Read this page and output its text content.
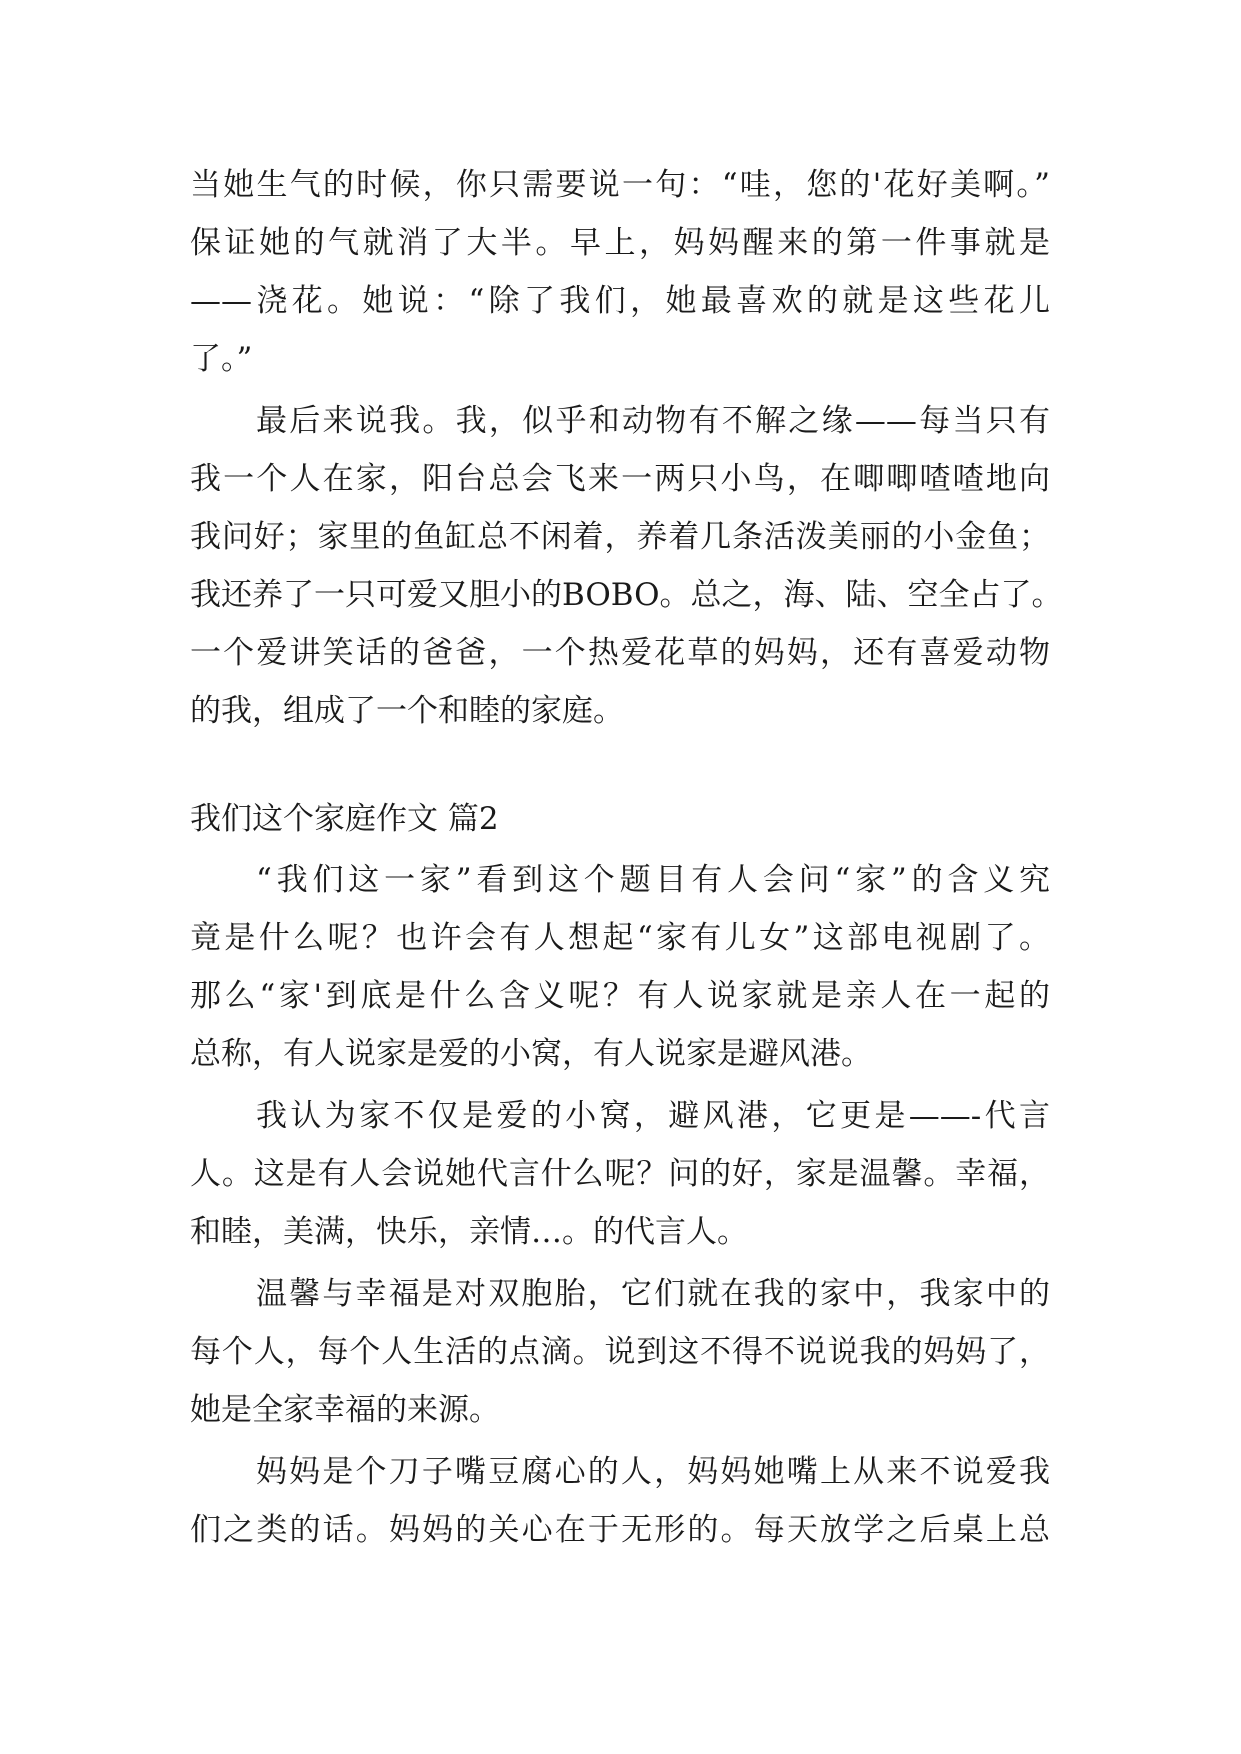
当她生气的时候，你只需要说一句：“哇，您的'花好美啊。”
保证她的气就消了大半。早上，妈妈醒来的第一件事就是
——浇花。她说：“除了我们，她最喜欢的就是这些花儿
了。”
最后来说我。我，似乎和动物有不解之缘——每当只有
我一个人在家，阳台总会飞来一两只小鸟，在唧唧喳喳地向
我问好；家里的鱼缸总不闲着，养着几条活泼美丽的小金鱼；
我还养了一只可爱又胆小的BOBO。总之，海、陆、空全占了。
一个爱讲笑话的爸爸，一个热爱花草的妈妈，还有喜爱动物
的我，组成了一个和睦的家庭。
我们这个家庭作文 篇2
“我们这一家”看到这个题目有人会问“家”的含义究
竟是什么呢？也许会有人想起“家有儿女”这部电视剧了。
那么“家'到底是什么含义呢？有人说家就是亲人在一起的
总称，有人说家是爱的小窝，有人说家是避风港。
我认为家不仅是爱的小窝，避风港，它更是——-代言
人。这是有人会说她代言什么呢？问的好，家是温馨。幸福，
和睦，美满，快乐，亲情…。的代言人。
温馨与幸福是对双胞胎，它们就在我的家中，我家中的
每个人，每个人生活的点滴。说到这不得不说说我的妈妈了，
她是全家幸福的来源。
妈妈是个刀子嘴豆腐心的人，妈妈她嘴上从来不说爱我
们之类的话。妈妈的关心在于无形的。每天放学之后桌上总
